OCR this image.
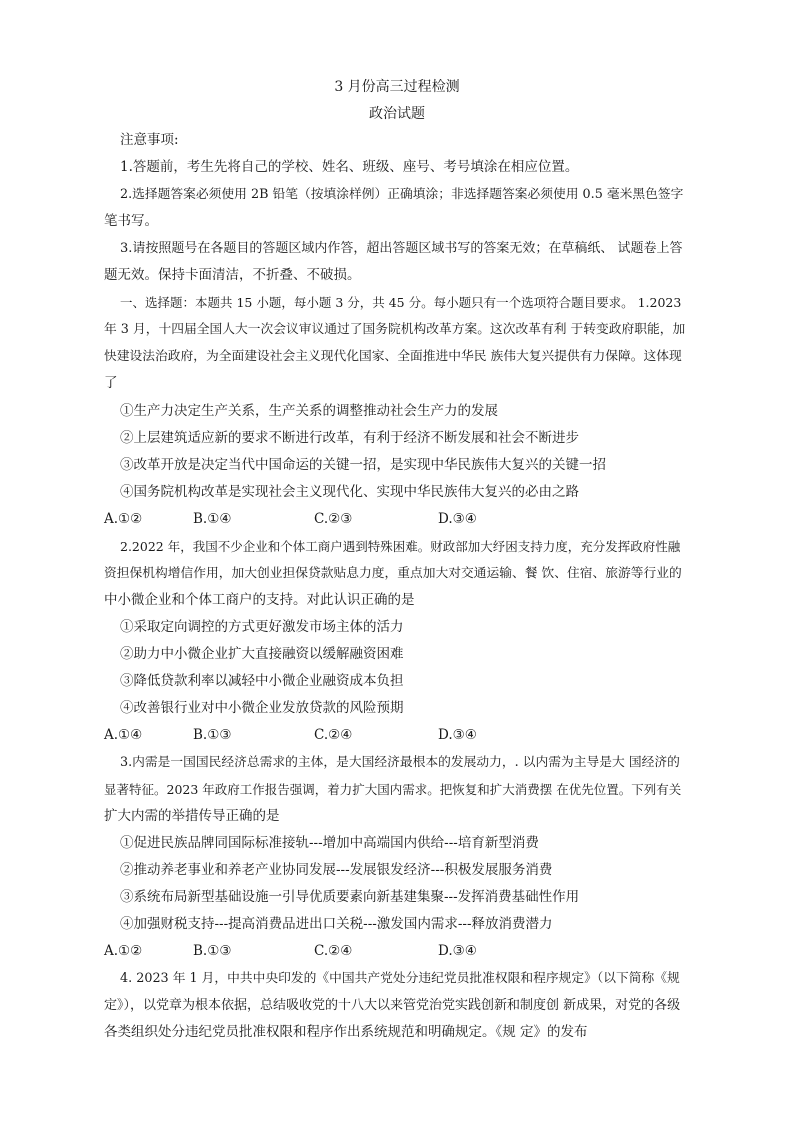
3 月份高三过程检测
政治试题
注意事项:
1.答题前，考生先将自己的学校、姓名、班级、座号、考号填涂在相应位置。
2.选择题答案必须使用 2B 铅笔（按填涂样例）正确填涂；非选择题答案必须使用 0.5 毫米黑色签字
笔书写。
3.请按照题号在各题目的答题区域内作答，超出答题区域书写的答案无效；在草稿纸、 试题卷上答
题无效。保持卡面清洁，不折叠、不破损。
一、选择题：本题共 15 小题，每小题 3 分，共 45 分。每小题只有一个选项符合题目要求。 1.2023
年 3 月，十四届全国人大一次会议审议通过了国务院机构改革方案。这次改革有利 于转变政府职能，加
快建设法治政府，为全面建设社会主义现代化国家、全面推进中华民 族伟大复兴提供有力保障。这体现
了
①生产力决定生产关系，生产关系的调整推动社会生产力的发展
②上层建筑适应新的要求不断进行改革，有利于经济不断发展和社会不断进步
③改革开放是决定当代中国命运的关键一招，是实现中华民族伟大复兴的关键一招
④国务院机构改革是实现社会主义现代化、实现中华民族伟大复兴的必由之路
A.①②	B.①④	C.②③	D.③④
2.2022 年，我国不少企业和个体工商户遇到特殊困难。财政部加大纾困支持力度，充分发挥政府性融
资担保机构增信作用，加大创业担保贷款贴息力度，重点加大对交通运输、餐 饮、住宿、旅游等行业的
中小微企业和个体工商户的支持。对此认识正确的是
①采取定向调控的方式更好激发市场主体的活力
②助力中小微企业扩大直接融资以缓解融资困难
③降低贷款利率以减轻中小微企业融资成本负担
④改善银行业对中小微企业发放贷款的风险预期
A.①④	B.①③	C.②④	D.③④
3.内需是一国国民经济总需求的主体，是大国经济最根本的发展动力，. 以内需为主导是大 国经济的
显著特征。2023 年政府工作报告强调，着力扩大国内需求。把恢复和扩大消费摆 在优先位置。下列有关
扩大内需的举措传导正确的是
①促进民族品牌同国际标准接轨---增加中高端国内供给---培育新型消费
②推动养老事业和养老产业协同发展---发展银发经济---积极发展服务消费
③系统布局新型基础设施一引导优质要素向新基建集聚---发挥消费基础性作用
④加强财税支持---提高消费品进出口关税---激发国内需求---释放消费潜力
A.①②	B.①③	C.②④	D.③④
4. 2023 年 1 月，中共中央印发的《中国共产党处分违纪党员批准权限和程序规定》（以下简称《规
定》），以党章为根本依据，总结吸收党的十八大以来管党治党实践创新和制度创 新成果，对党的各级
各类组织处分违纪党员批准权限和程序作出系统规范和明确规定。《规 定》的发布
